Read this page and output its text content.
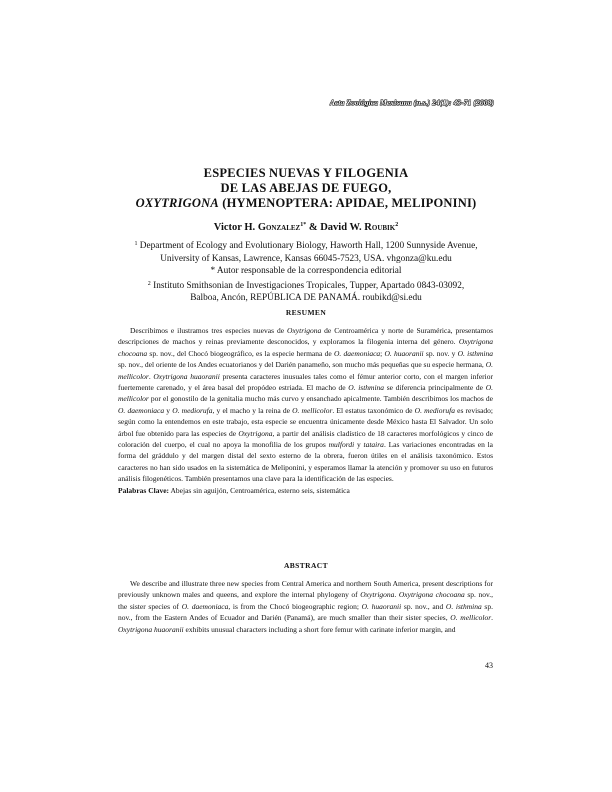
Acta Zoológica Mexicana (n.s.) 24(1): 43-71 (2008)
ESPECIES NUEVAS Y FILOGENIA
DE LAS ABEJAS DE FUEGO,
OXYTRIGONA (HYMENOPTERA: APIDAE, MELIPONINI)
Victor H. Gonzalez$^{1*}$ & David W. Roubik$^2$
$^1$ Department of Ecology and Evolutionary Biology, Haworth Hall, 1200 Sunnyside Avenue,
University of Kansas, Lawrence, Kansas 66045-7523, USA. vhgonza@ku.edu
* Autor responsable de la correspondencia editorial
$^2$ Instituto Smithsonian de Investigaciones Tropicales, Tupper, Apartado 0843-03092,
Balboa, Ancón, REPÚBLICA DE PANAMÁ. roubikd@si.edu
RESUMEN

Describimos e ilustramos tres especies nuevas de Oxytrigona de Centroamérica y norte de Suramérica, presentamos descripciones de machos y reinas previamente desconocidos, y exploramos la filogenia interna del género. Oxytrigona chocoana sp. nov., del Chocó biogeográfico, es la especie hermana de O. daemoniaca; O. huaoranii sp. nov. y O. isthmina sp. nov., del oriente de los Andes ecuatorianos y del Darién panameño, son mucho más pequeñas que su especie hermana, O. mellicolor. Oxytrigona huaoranii presenta caracteres inusuales tales como el fémur anterior corto, con el margen inferior fuertemente carenado, y el área basal del propódeo estriada. El macho de O. isthmina se diferencia principalmente de O. mellicolor por el gonostilo de la genitalia mucho más curvo y ensanchado apicalmente. También describimos los machos de O. daemoniaca y O. mediorufa, y el macho y la reina de O. mellicolor. El estatus taxonómico de O. mediorufa es revisado; según como la entendemos en este trabajo, esta especie se encuentra únicamente desde México hasta El Salvador. Un solo árbol fue obtenido para las especies de Oxytrigona, a partir del análisis cladístico de 18 caracteres morfológicos y cinco de coloración del cuerpo, el cual no apoya la monofilia de los grupos mulfordi y tataira. Las variaciones encontradas en la forma del gráddulo y del margen distal del sexto esterno de la obrera, fueron útiles en el análisis taxonómico. Estos caracteres no han sido usados en la sistemática de Meliponini, y esperamos llamar la atención y promover su uso en futuros análisis filogenéticos. También presentamos una clave para la identificación de las especies.

Palabras Clave: Abejas sin aguijón, Centroamérica, esterno seis, sistemática

ABSTRACT

We describe and illustrate three new species from Central America and northern South America, present descriptions for previously unknown males and queens, and explore the internal phylogeny of Oxytrigona. Oxytrigona chocoana sp. nov., the sister species of O. daemoniaca, is from the Chocó biogeographic region; O. huaoranii sp. nov., and O. isthmina sp. nov., from the Eastern Andes of Ecuador and Darién (Panamá), are much smaller than their sister species, O. mellicolor. Oxytrigona huaoranii exhibits unusual characters including a short fore femur with carinate inferior margin, and

43
